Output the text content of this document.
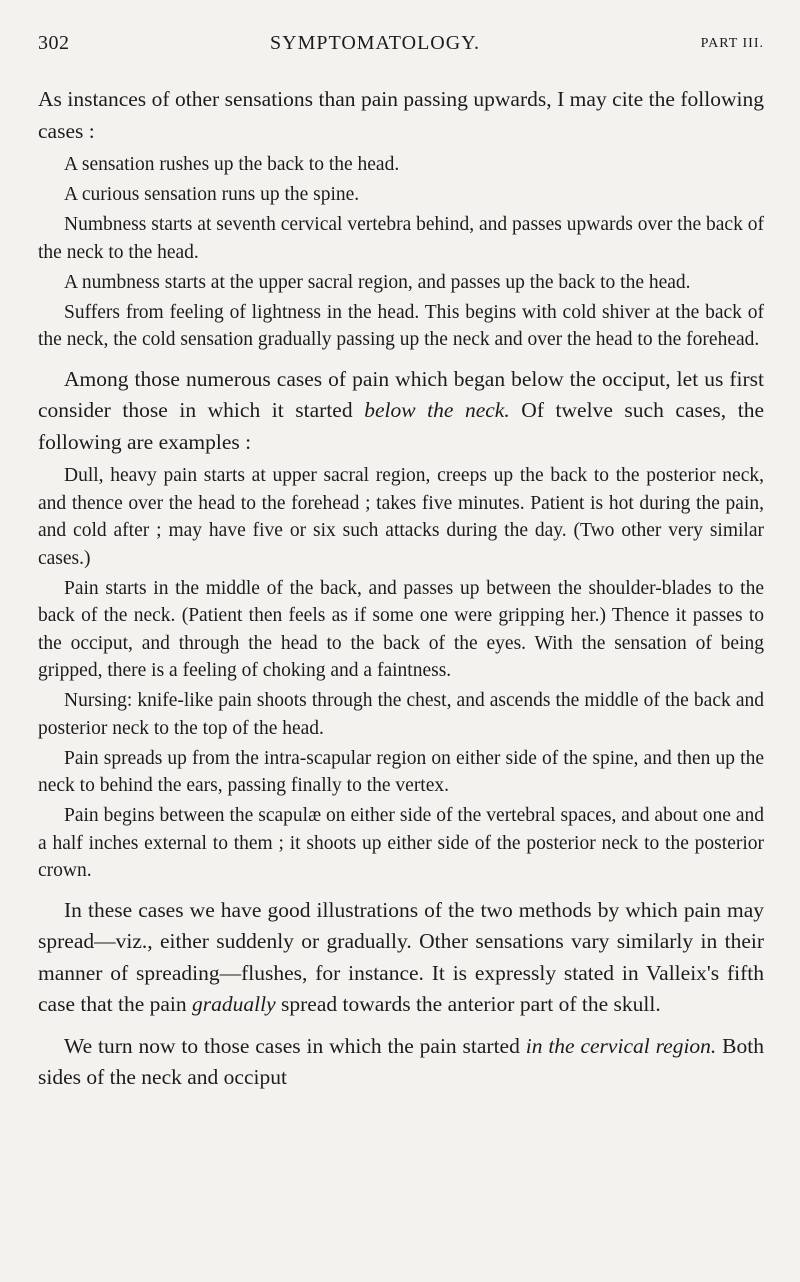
302	SYMPTOMATOLOGY.	PART III.

As instances of other sensations than pain passing upwards, I may cite the following cases :

A sensation rushes up the back to the head.

A curious sensation runs up the spine.

Numbness starts at seventh cervical vertebra behind, and passes upwards over the back of the neck to the head.

A numbness starts at the upper sacral region, and passes up the back to the head.

Suffers from feeling of lightness in the head. This begins with cold shiver at the back of the neck, the cold sensation gradually passing up the neck and over the head to the forehead.

Among those numerous cases of pain which began below the occiput, let us first consider those in which it started below the neck. Of twelve such cases, the following are examples :

Dull, heavy pain starts at upper sacral region, creeps up the back to the posterior neck, and thence over the head to the forehead ; takes five minutes. Patient is hot during the pain, and cold after ; may have five or six such attacks during the day. (Two other very similar cases.)

Pain starts in the middle of the back, and passes up between the shoulder-blades to the back of the neck. (Patient then feels as if some one were gripping her.) Thence it passes to the occiput, and through the head to the back of the eyes. With the sensation of being gripped, there is a feeling of choking and a faintness.

Nursing: knife-like pain shoots through the chest, and ascends the middle of the back and posterior neck to the top of the head.

Pain spreads up from the intra-scapular region on either side of the spine, and then up the neck to behind the ears, passing finally to the vertex.

Pain begins between the scapulæ on either side of the vertebral spaces, and about one and a half inches external to them ; it shoots up either side of the posterior neck to the posterior crown.

In these cases we have good illustrations of the two methods by which pain may spread—viz., either suddenly or gradually. Other sensations vary similarly in their manner of spreading—flushes, for instance. It is expressly stated in Valleix's fifth case that the pain gradually spread towards the anterior part of the skull.

We turn now to those cases in which the pain started in the cervical region. Both sides of the neck and occiput
